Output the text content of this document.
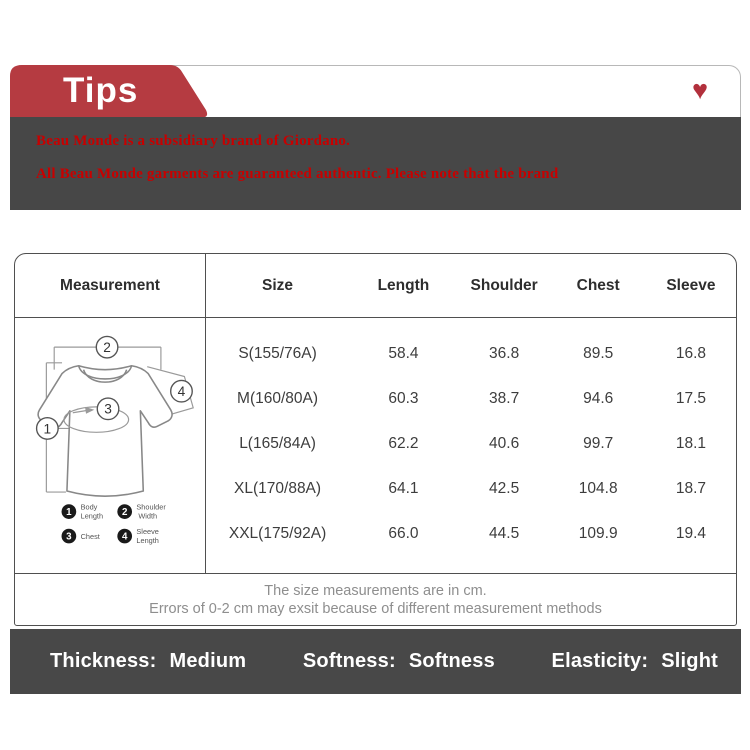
Tips	♥

Beau Monde is a subsidiary brand of Giordano.

All Beau Monde garments are guaranteed authentic. Please note that the brand

Measurement	Size	Length	Shoulder	Chest	Sleeve
1
2
3
4
1 Body Length 2 Shoulder Width
3 Chest 4 Sleeve Length
S(155/76A)	58.4	36.8	89.5	16.8
M(160/80A)	60.3	38.7	94.6	17.5
L(165/84A)	62.2	40.6	99.7	18.1
XL(170/88A)	64.1	42.5	104.8	18.7
XXL(175/92A)	66.0	44.5	109.9	19.4
The size measurements are in cm.
Errors of 0-2 cm may exsit because of different measurement methods
Thickness: Medium	Softness: Softness	Elasticity: Slight
